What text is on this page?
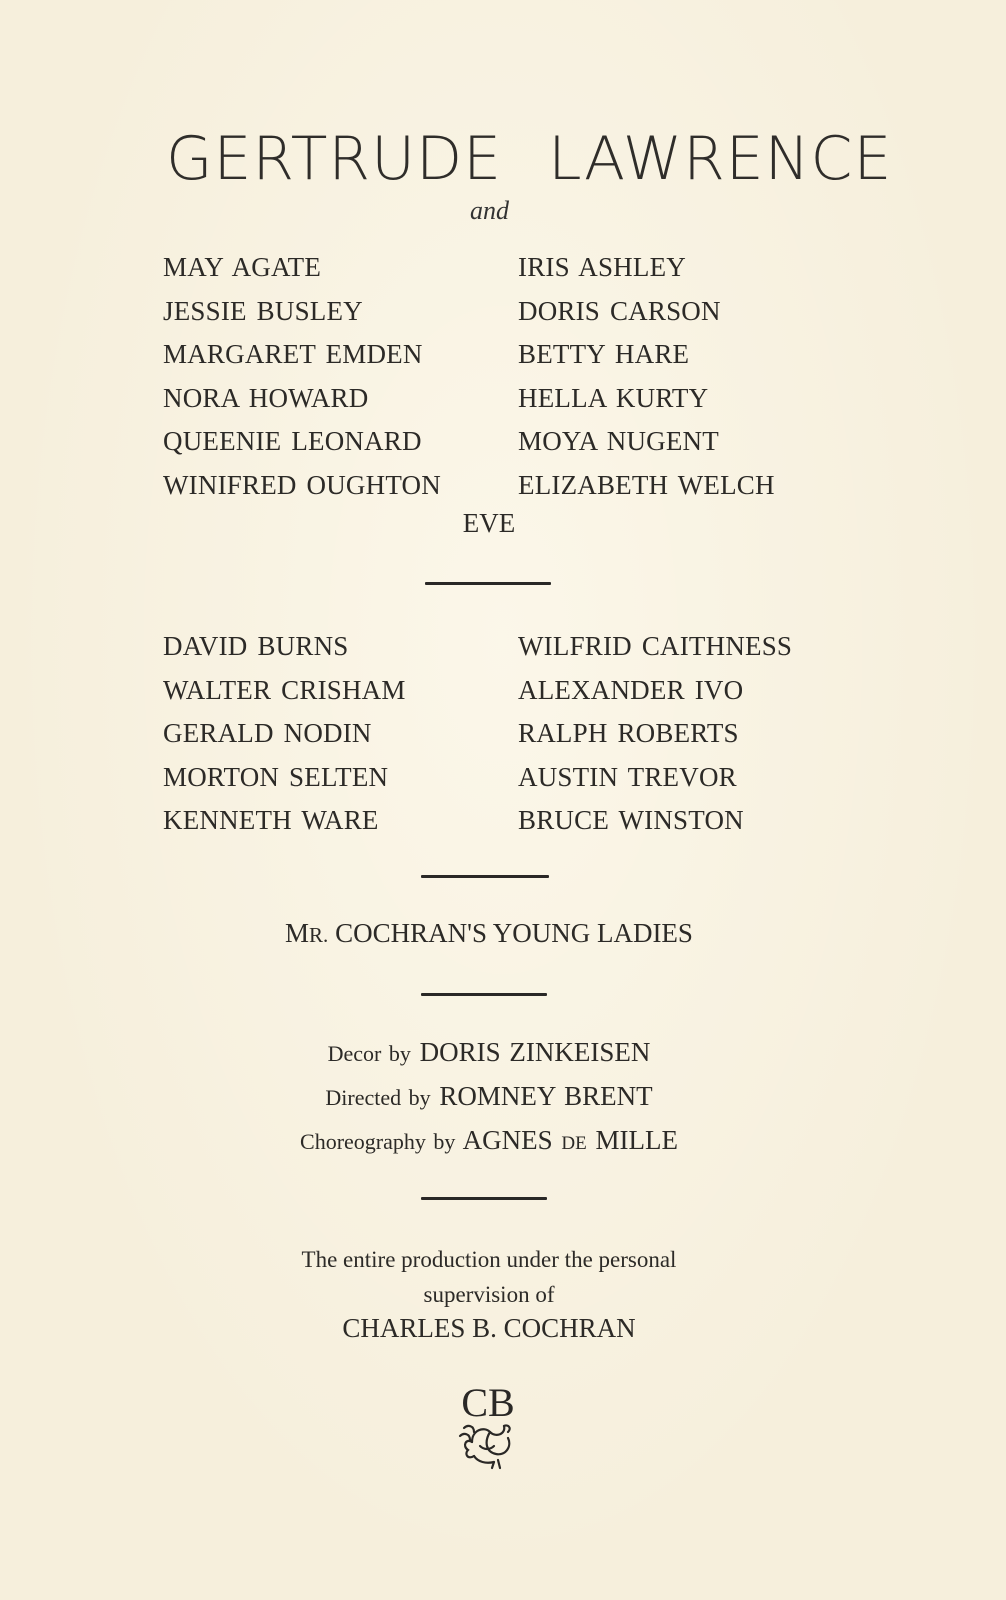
GERTRUDE LAWRENCE
and
MAY AGATE	IRIS ASHLEY
JESSIE BUSLEY	DORIS CARSON
MARGARET EMDEN	BETTY HARE
NORA HOWARD	HELLA KURTY
QUEENIE LEONARD	MOYA NUGENT
WINIFRED OUGHTON	ELIZABETH WELCH
EVE
DAVID BURNS	WILFRID CAITHNESS
WALTER CRISHAM	ALEXANDER IVO
GERALD NODIN	RALPH ROBERTS
MORTON SELTEN	AUSTIN TREVOR
KENNETH WARE	BRUCE WINSTON
MR. COCHRAN'S YOUNG LADIES
Decor by DORIS ZINKEISEN
Directed by ROMNEY BRENT
Choreography by AGNES DE MILLE
The entire production under the personal
supervision of
CHARLES B. COCHRAN
CB
